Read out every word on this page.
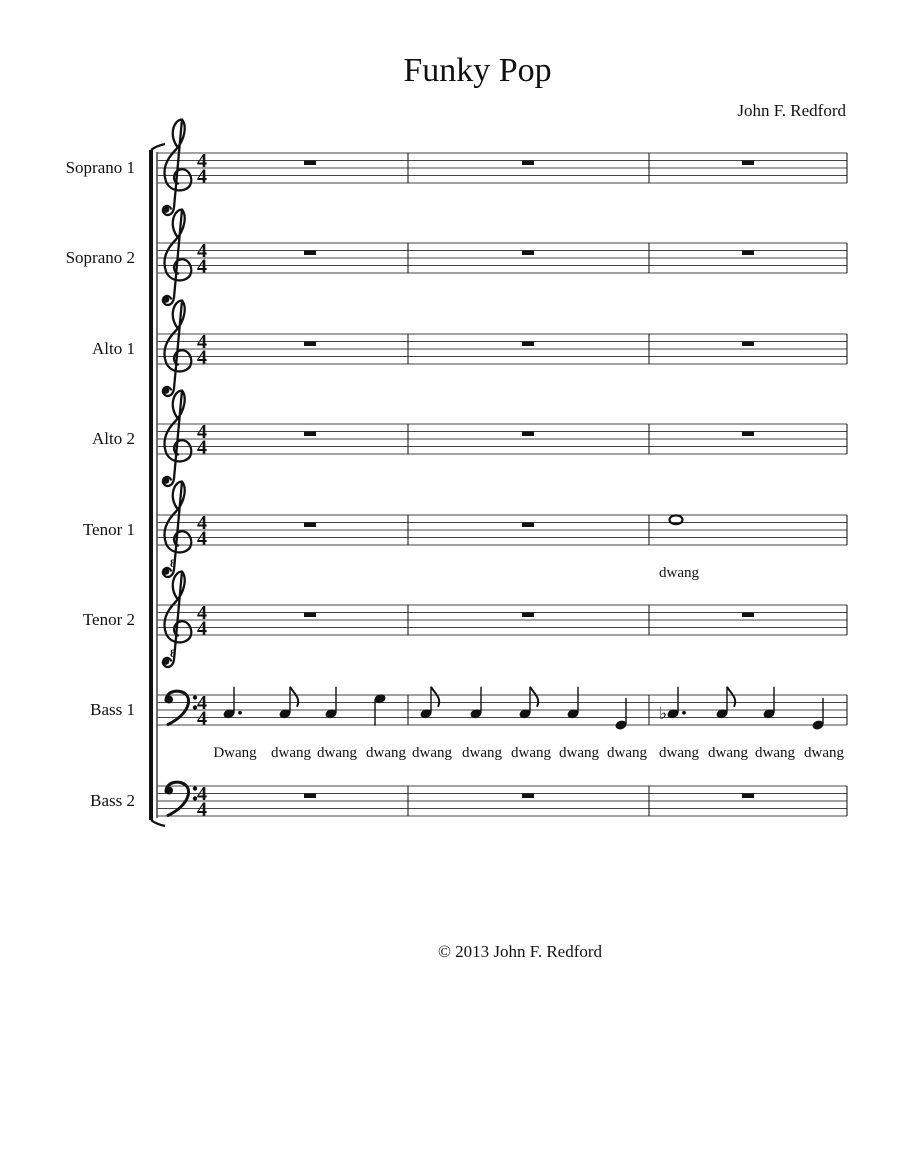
Funky Pop
John F. Redford
Soprano 1	4
4
Soprano 2	4
4
Alto 1	4
4
Alto 2	4
4
Tenor 1
8
4
4
Tenor 2
8
4
4
Bass 1	4
4
Bass 2	4
4
dwang
Dwang dwang dwang dwang dwang dwang dwang dwang dwang
♭
dwang dwang dwang dwang
© 2013 John F. Redford
